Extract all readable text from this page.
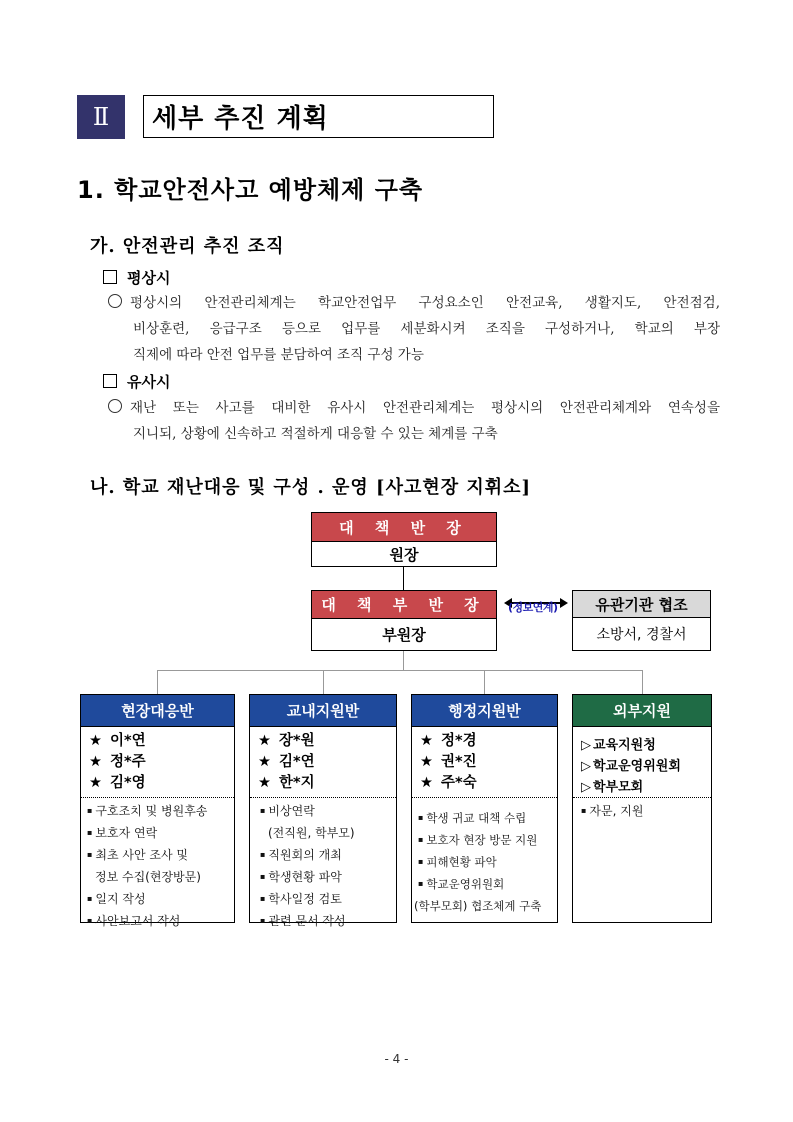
Ⅱ	세부 추진 계획
1. 학교안전사고 예방체제 구축
가. 안전관리 추진 조직
평상시
평상시의 안전관리체계는 학교안전업무 구성요소인 안전교육, 생활지도, 안전점검,
비상훈련, 응급구조 등으로 업무를 세분화시켜 조직을 구성하거나, 학교의 부장
직제에 따라 안전 업무를 분담하여 조직 구성 가능
유사시
재난 또는 사고를 대비한 유사시 안전관리체계는 평상시의 안전관리체계와 연속성을
지니되, 상황에 신속하고 적절하게 대응할 수 있는 체계를 구축
나. 학교 재난대응 및 구성 . 운영 [사고현장 지휘소]
대 책 반 장
원장
대 책 부 반 장
부원장
(정보연계)	유관기관 협조
소방서, 경찰서
현장대응반
★ 이*연
★ 정*주
★ 김*영
▪ 구호조치 및 병원후송
▪ 보호자 연락
▪ 최초 사안 조사 및
정보 수집(현장방문)
▪ 일지 작성
▪ 사안보고서 작성
교내지원반
★ 장*원
★ 김*연
★ 한*지
▪ 비상연락
(전직원, 학부모)
▪ 직원회의 개최
▪ 학생현황 파악
▪ 학사일정 검토
▪ 관련 문서 작성
행정지원반
★ 정*경
★ 권*진
★ 주*숙
▪ 학생 귀교 대책 수립
▪ 보호자 현장 방문 지원
▪ 피해현황 파악
▪ 학교운영위원회
(학부모회) 협조체계 구축
외부지원
▷ 교육지원청
▷ 학교운영위원회
▷ 학부모회
▪ 자문, 지원
- 4 -
